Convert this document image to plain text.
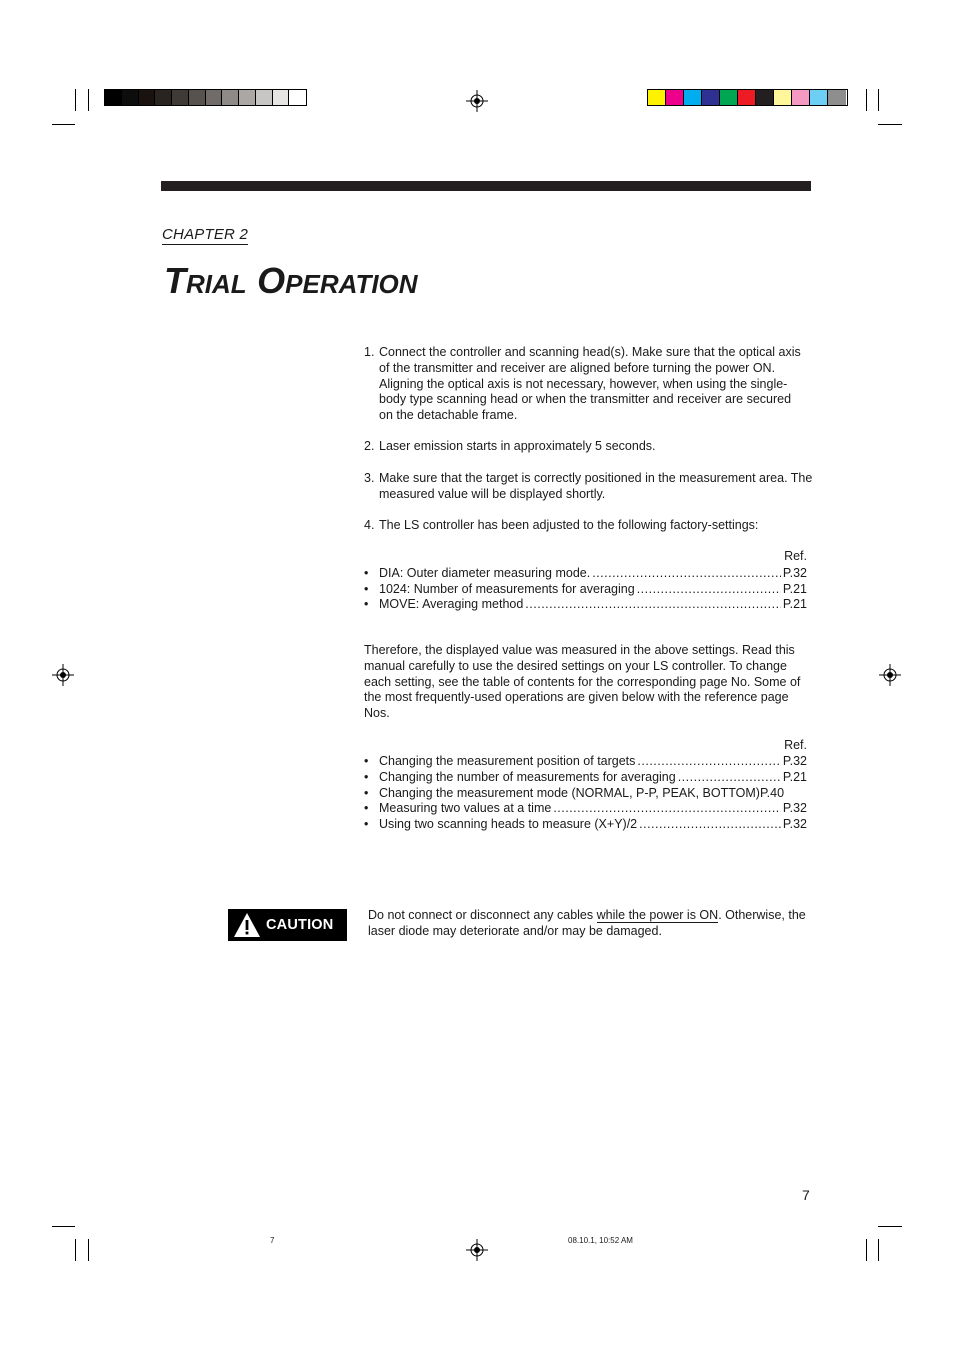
CHAPTER 2
TRIAL OPERATION
1. Connect the controller and scanning head(s). Make sure that the optical axis of the transmitter and receiver are aligned before turning the power ON. Aligning the optical axis is not necessary, however, when using the single-body type scanning head or when the transmitter and receiver are secured on the detachable frame.
2. Laser emission starts in approximately 5 seconds.
3. Make sure that the target is correctly positioned in the measurement area. The measured value will be displayed shortly.
4. The LS controller has been adjusted to the following factory-settings:
Ref.
• DIA: Outer diameter measuring mode. .....	P.32
• 1024: Number of measurements for averaging .....	P.21
• MOVE: Averaging method .....	P.21
Therefore, the displayed value was measured in the above settings. Read this manual carefully to use the desired settings on your LS controller. To change each setting, see the table of contents for the corresponding page No. Some of the most frequently-used operations are given below with the reference page Nos.
Ref.
• Changing the measurement position of targets .....	P.32
• Changing the number of measurements for averaging .....	P.21
• Changing the measurement mode (NORMAL, P-P, PEAK, BOTTOM) P.40
• Measuring two values at a time .....	P.32
• Using two scanning heads to measure (X+Y)/2 .....	P.32
CAUTION
Do not connect or disconnect any cables while the power is ON. Otherwise, the laser diode may deteriorate and/or may be damaged.
7
7	08.10.1, 10:52 AM
